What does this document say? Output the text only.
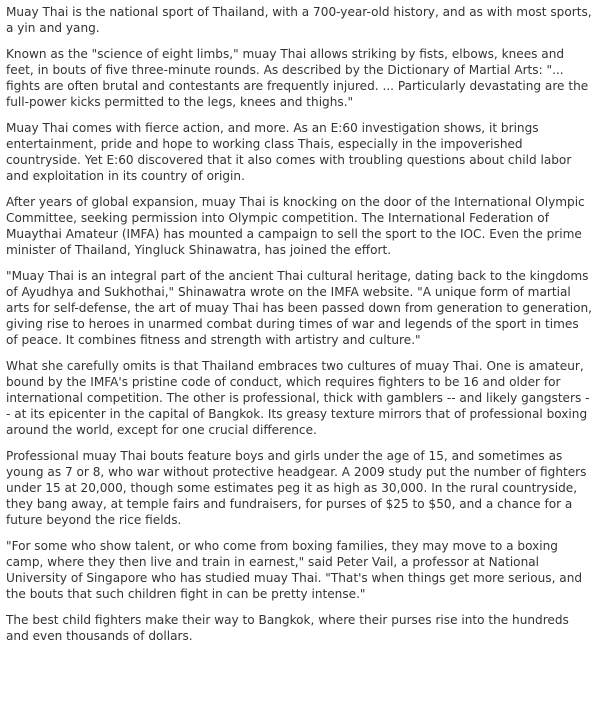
Muay Thai is the national sport of Thailand, with a 700-year-old history, and as with most sports, a yin and yang.

Known as the "science of eight limbs," muay Thai allows striking by fists, elbows, knees and feet, in bouts of five three-minute rounds. As described by the Dictionary of Martial Arts: "... fights are often brutal and contestants are frequently injured. ... Particularly devastating are the full-power kicks permitted to the legs, knees and thighs."

Muay Thai comes with fierce action, and more. As an E:60 investigation shows, it brings entertainment, pride and hope to working class Thais, especially in the impoverished countryside. Yet E:60 discovered that it also comes with troubling questions about child labor and exploitation in its country of origin.

After years of global expansion, muay Thai is knocking on the door of the International Olympic Committee, seeking permission into Olympic competition. The International Federation of Muaythai Amateur (IMFA) has mounted a campaign to sell the sport to the IOC. Even the prime minister of Thailand, Yingluck Shinawatra, has joined the effort.

"Muay Thai is an integral part of the ancient Thai cultural heritage, dating back to the kingdoms of Ayudhya and Sukhothai," Shinawatra wrote on the IMFA website. "A unique form of martial arts for self-defense, the art of muay Thai has been passed down from generation to generation, giving rise to heroes in unarmed combat during times of war and legends of the sport in times of peace. It combines fitness and strength with artistry and culture."

What she carefully omits is that Thailand embraces two cultures of muay Thai. One is amateur, bound by the IMFA's pristine code of conduct, which requires fighters to be 16 and older for international competition. The other is professional, thick with gamblers -- and likely gangsters -- at its epicenter in the capital of Bangkok. Its greasy texture mirrors that of professional boxing around the world, except for one crucial difference.

Professional muay Thai bouts feature boys and girls under the age of 15, and sometimes as young as 7 or 8, who war without protective headgear. A 2009 study put the number of fighters under 15 at 20,000, though some estimates peg it as high as 30,000. In the rural countryside, they bang away, at temple fairs and fundraisers, for purses of $25 to $50, and a chance for a future beyond the rice fields.

"For some who show talent, or who come from boxing families, they may move to a boxing camp, where they then live and train in earnest," said Peter Vail, a professor at National University of Singapore who has studied muay Thai. "That's when things get more serious, and the bouts that such children fight in can be pretty intense."

The best child fighters make their way to Bangkok, where their purses rise into the hundreds and even thousands of dollars.
